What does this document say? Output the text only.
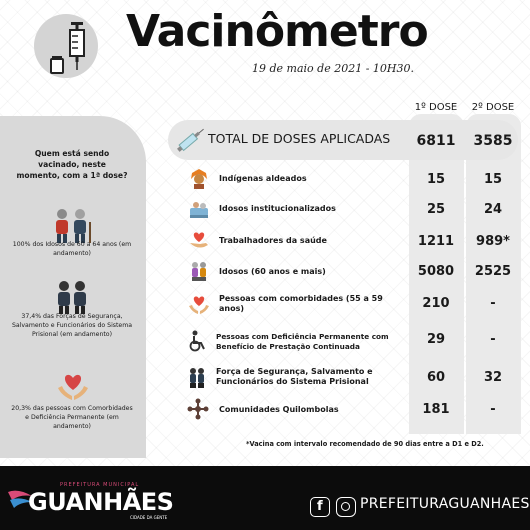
Vacinômetro
19 de maio de 2021 - 10H30.
Quem está sendo vacinado, neste momento, com a 1ª dose?
100% dos Idosos de 60 a 64 anos (em andamento)
37,4% das Forças de Segurança, Salvamento e Funcionários do Sistema Prisional (em andamento)
20,3% das pessoas com Comorbidades e Deficiência Permanente (em andamento)
1º DOSE	2º DOSE
TOTAL DE DOSES APLICADAS	6811	3585
Indígenas aldeados	15	15
Idosos institucionalizados	25	24
Trabalhadores da saúde	1211	989*
Idosos (60 anos e mais)	5080	2525
Pessoas com comorbidades (55 a 59 anos)	210	-
Pessoas com Deficiência Permanente com Benefício de Prestação Continuada	29	-
Força de Segurança, Salvamento e Funcionários do Sistema Prisional	60	32
Comunidades Quilombolas	181	-
*Vacina com intervalo recomendado de 90 dias entre a D1 e D2.
PREFEITURA MUNICIPAL
GUANHÃES
CIDADE DA GENTE
f	PREFEITURAGUANHAES
